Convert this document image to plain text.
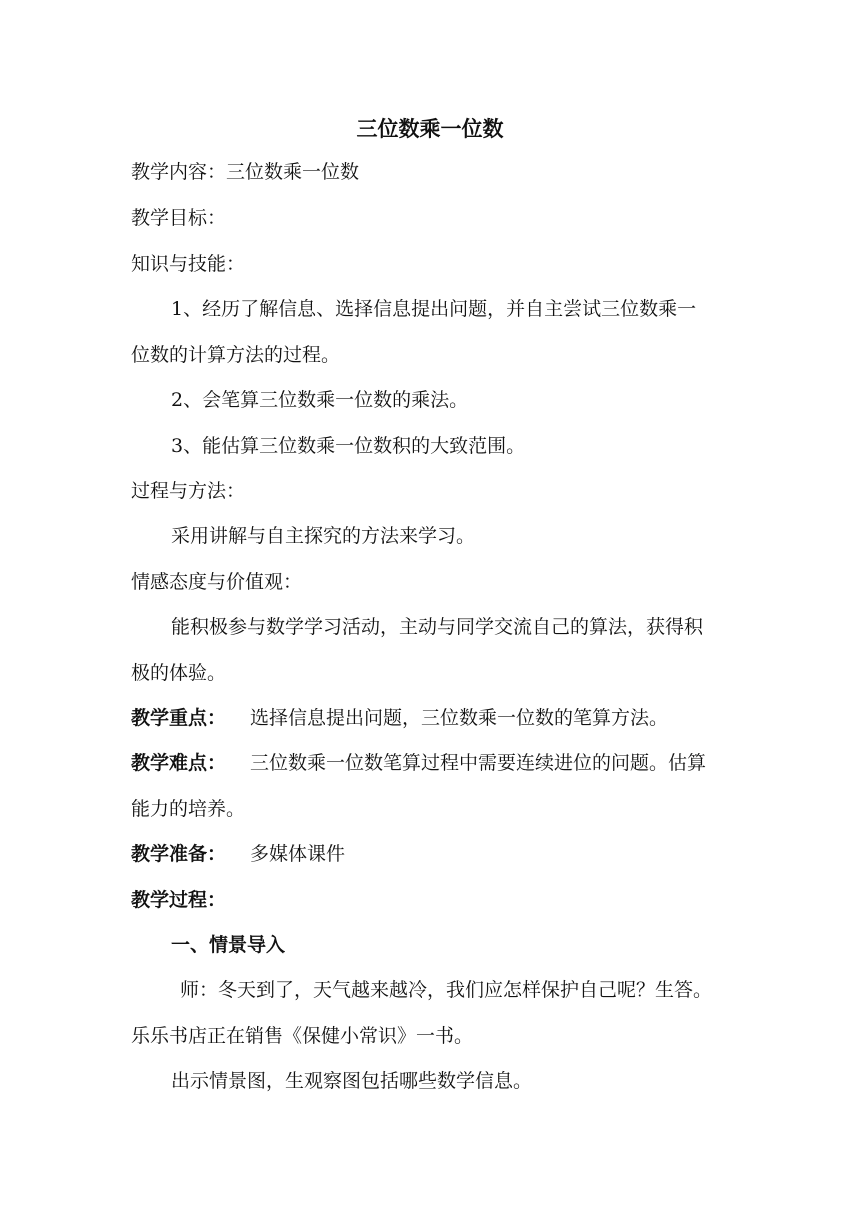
三位数乘一位数
教学内容：三位数乘一位数
教学目标：
知识与技能：
1、经历了解信息、选择信息提出问题，并自主尝试三位数乘一
位数的计算方法的过程。
2、会笔算三位数乘一位数的乘法。
3、能估算三位数乘一位数积的大致范围。
过程与方法：
采用讲解与自主探究的方法来学习。
情感态度与价值观：
能积极参与数学学习活动，主动与同学交流自己的算法，获得积
极的体验。
教学重点： 选择信息提出问题，三位数乘一位数的笔算方法。
教学难点： 三位数乘一位数笔算过程中需要连续进位的问题。估算
能力的培养。
教学准备： 多媒体课件
教学过程：
一、情景导入
师：冬天到了，天气越来越冷，我们应怎样保护自己呢？生答。
乐乐书店正在销售《保健小常识》一书。
出示情景图，生观察图包括哪些数学信息。
